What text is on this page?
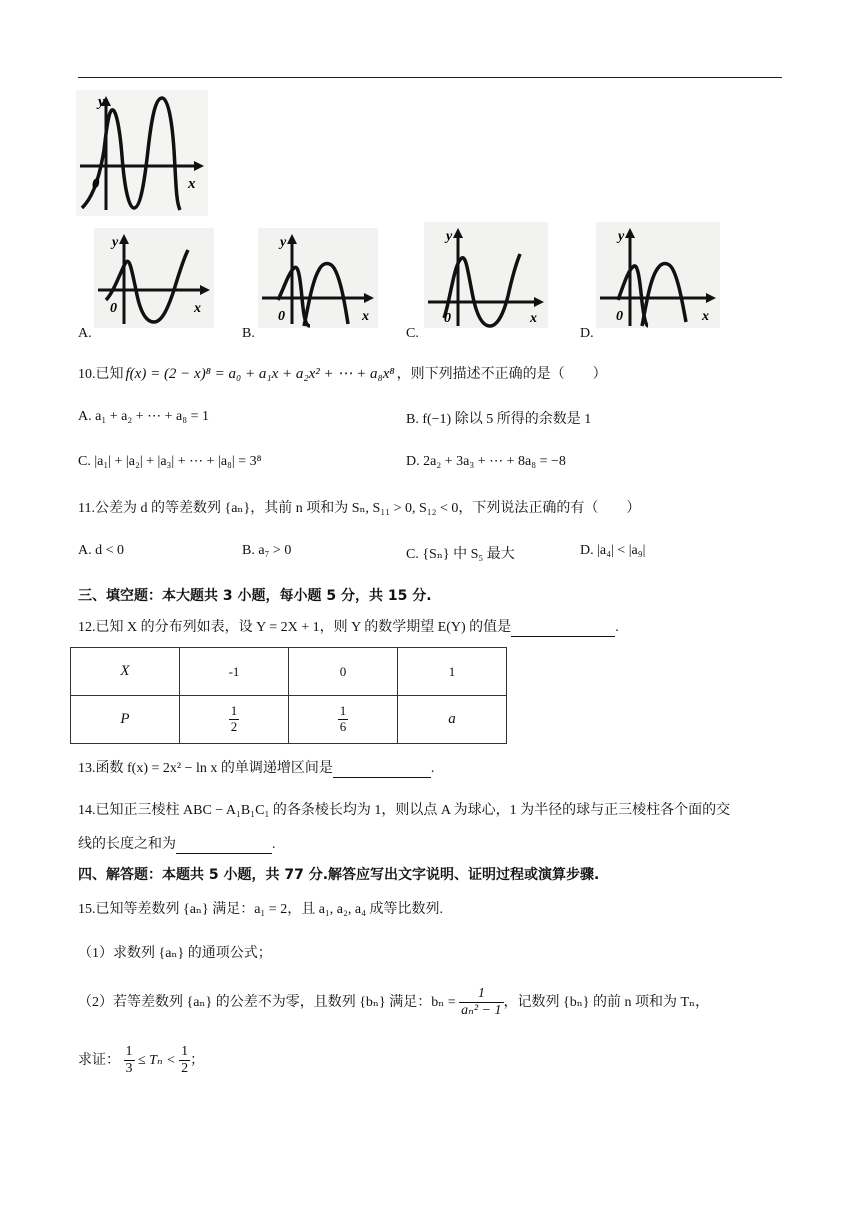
y
0	x
y
0	x
A.
y
0	x
B.
y
0	x
C.
y
0	x
D.
10.已知 f(x) = (2 − x)⁸ = a₀ + a₁x + a₂x² + ⋯ + a₈x⁸ ，则下列描述不正确的是（　　）
A. a₁ + a₂ + ⋯ + a₈ = 1	B. f(−1) 除以 5 所得的余数是 1
C. |a₁| + |a₂| + |a₃| + ⋯ + |a₈| = 3⁸	D. 2a₂ + 3a₃ + ⋯ + 8a₈ = −8
11.公差为 d 的等差数列 {aₙ}，其前 n 项和为 Sₙ, S₁₁ > 0, S₁₂ < 0，下列说法正确的有（　　）
A. d < 0	B. a₇ > 0	C. {Sₙ} 中 S₅ 最大	D. |a₄| < |a₉|
三、填空题：本大题共 3 小题，每小题 5 分，共 15 分.
12.已知 X 的分布列如表，设 Y = 2X + 1，则 Y 的数学期望 E(Y) 的值是	.
X	-1	0	1
P	$\frac{1}{2}$	$\frac{1}{6}$	a
13.函数 f(x) = 2x² − ln x 的单调递增区间是	.
14.已知正三棱柱 ABC − A₁B₁C₁ 的各条棱长均为 1，则以点 A 为球心，1 为半径的球与正三棱柱各个面的交
线的长度之和为	.
四、解答题：本题共 5 小题，共 77 分.解答应写出文字说明、证明过程或演算步骤.
15.已知等差数列 {aₙ} 满足：a₁ = 2，且 a₁, a₂, a₄ 成等比数列.
（1）求数列 {aₙ} 的通项公式；
（2）若等差数列 {aₙ} 的公差不为零，且数列 {bₙ} 满足：$b_n = \frac{1}{\text{aₙ² − 1}}$ ，记数列 {bₙ} 的前 n 项和为 Tₙ，
求证： $\frac{1}{3} \le T_n < \frac{1}{2}$ ；
